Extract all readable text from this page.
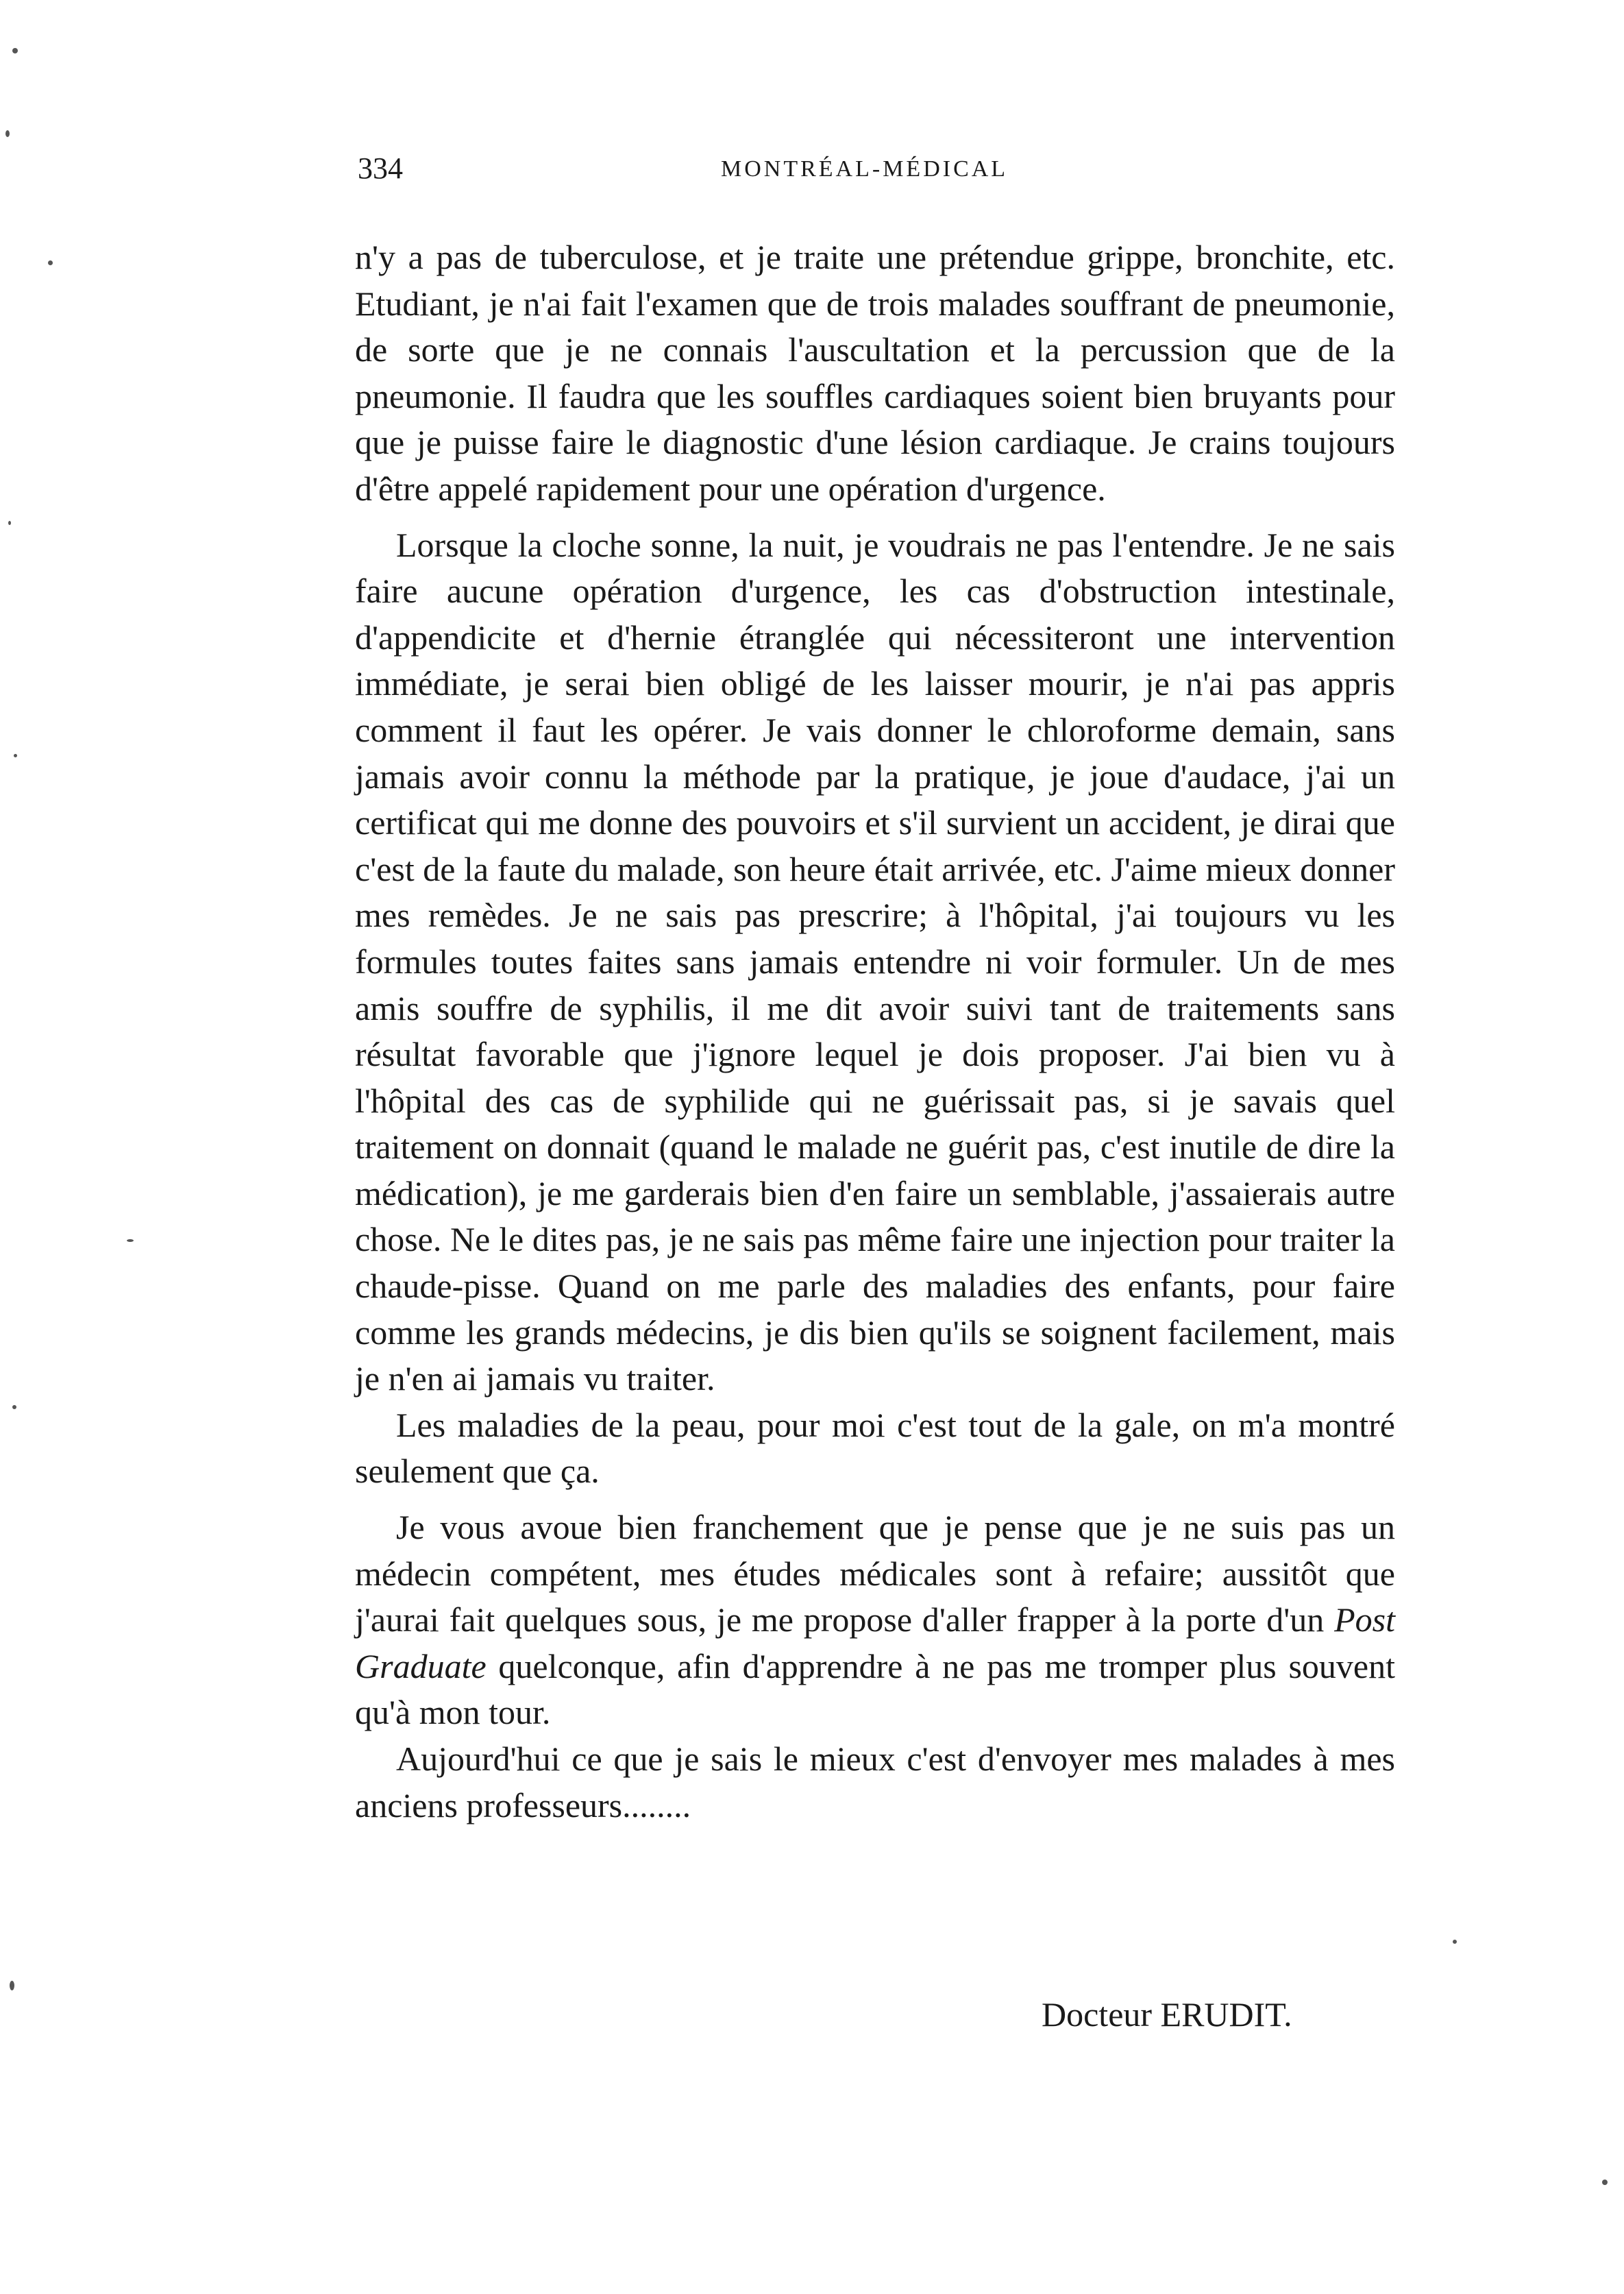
334	MONTRÉAL-MÉDICAL

n'y a pas de tuberculose, et je traite une prétendue grippe, bronchite, etc. Etudiant, je n'ai fait l'examen que de trois malades souffrant de pneumonie, de sorte que je ne connais l'auscultation et la percussion que de la pneumonie. Il faudra que les souffles cardiaques soient bien bruyants pour que je puisse faire le diagnostic d'une lésion cardiaque. Je crains toujours d'être appelé rapidement pour une opération d'urgence.

Lorsque la cloche sonne, la nuit, je voudrais ne pas l'entendre. Je ne sais faire aucune opération d'urgence, les cas d'obstruction intestinale, d'appendicite et d'hernie étranglée qui nécessiteront une intervention immédiate, je serai bien obligé de les laisser mourir, je n'ai pas appris comment il faut les opérer. Je vais donner le chloroforme demain, sans jamais avoir connu la méthode par la pratique, je joue d'audace, j'ai un certificat qui me donne des pouvoirs et s'il survient un accident, je dirai que c'est de la faute du malade, son heure était arrivée, etc. J'aime mieux donner mes remèdes. Je ne sais pas prescrire; à l'hôpital, j'ai toujours vu les formules toutes faites sans jamais entendre ni voir formuler. Un de mes amis souffre de syphilis, il me dit avoir suivi tant de traitements sans résultat favorable que j'ignore lequel je dois proposer. J'ai bien vu à l'hôpital des cas de syphilide qui ne guérissait pas, si je savais quel traitement on donnait (quand le malade ne guérit pas, c'est inutile de dire la médication), je me garderais bien d'en faire un semblable, j'assaierais autre chose. Ne le dites pas, je ne sais pas même faire une injection pour traiter la chaude-pisse. Quand on me parle des maladies des enfants, pour faire comme les grands médecins, je dis bien qu'ils se soignent facilement, mais je n'en ai jamais vu traiter.

Les maladies de la peau, pour moi c'est tout de la gale, on m'a montré seulement que ça.

Je vous avoue bien franchement que je pense que je ne suis pas un médecin compétent, mes études médicales sont à refaire; aussitôt que j'aurai fait quelques sous, je me propose d'aller frapper à la porte d'un Post Graduate quelconque, afin d'apprendre à ne pas me tromper plus souvent qu'à mon tour.

Aujourd'hui ce que je sais le mieux c'est d'envoyer mes malades à mes anciens professeurs........

Docteur ERUDIT.
